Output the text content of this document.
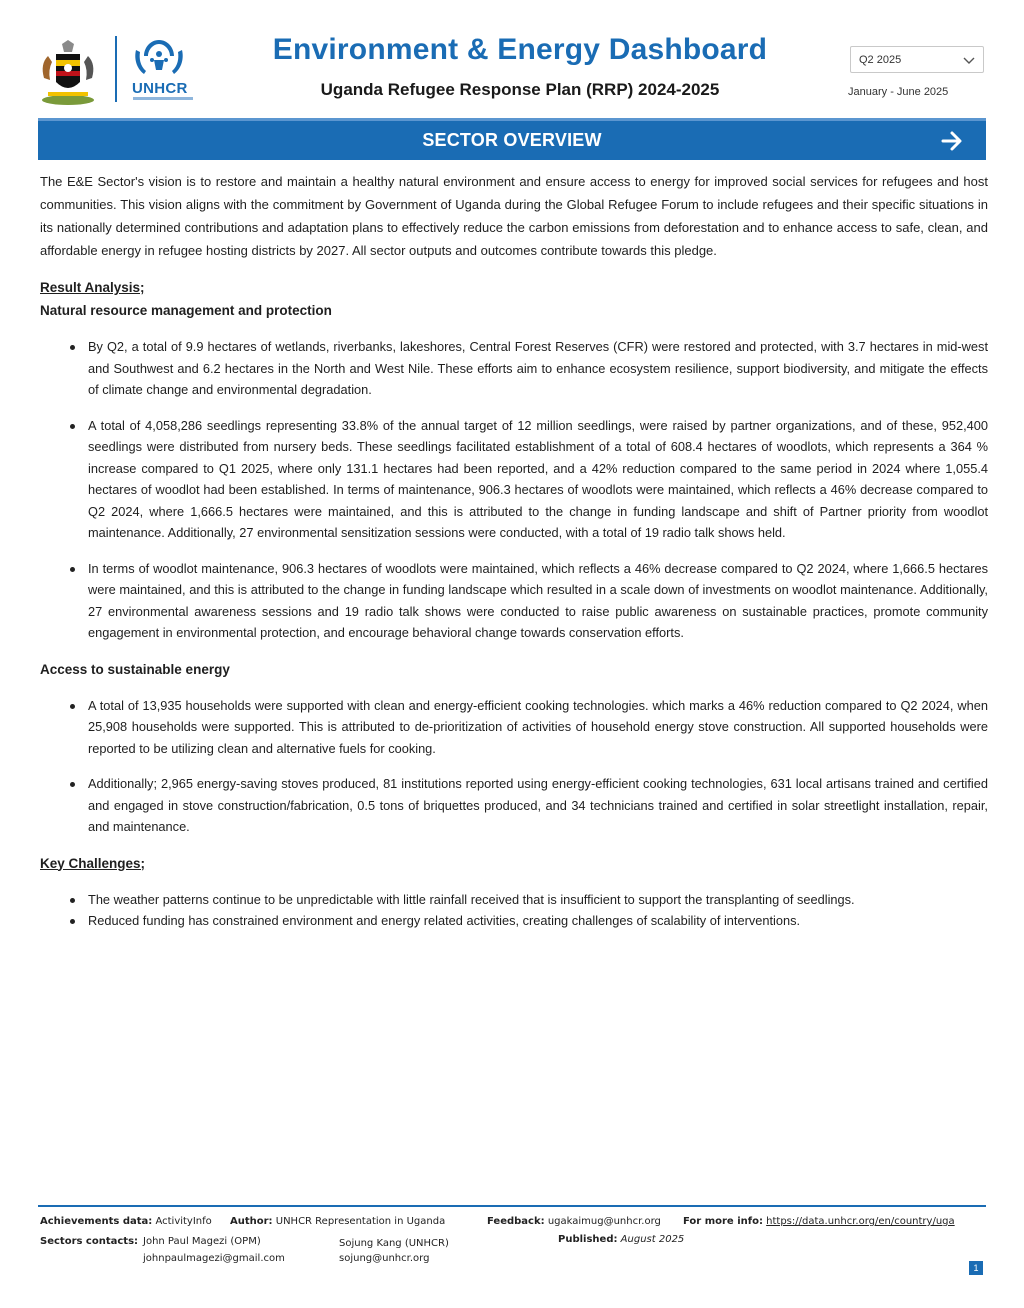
UNHCR
Environment & Energy Dashboard
Uganda Refugee Response Plan (RRP) 2024-2025
Q2 2025
January - June 2025
SECTOR OVERVIEW

The E&E Sector's vision is to restore and maintain a healthy natural environment and ensure access to energy for improved social services for refugees and host communities. This vision aligns with the commitment by Government of Uganda during the Global Refugee Forum to include refugees and their specific situations in its nationally determined contributions and adaptation plans to effectively reduce the carbon emissions from deforestation and to enhance access to safe, clean, and affordable energy in refugee hosting districts by 2027. All sector outputs and outcomes contribute towards this pledge.

Result Analysis;
Natural resource management and protection
By Q2, a total of 9.9 hectares of wetlands, riverbanks, lakeshores, Central Forest Reserves (CFR) were restored and protected, with 3.7 hectares in mid-west and Southwest and 6.2 hectares in the North and West Nile. These efforts aim to enhance ecosystem resilience, support biodiversity, and mitigate the effects of climate change and environmental degradation.
A total of 4,058,286 seedlings representing 33.8% of the annual target of 12 million seedlings, were raised by partner organizations, and of these, 952,400 seedlings were distributed from nursery beds. These seedlings facilitated establishment of a total of 608.4 hectares of woodlots, which represents a 364 % increase compared to Q1 2025, where only 131.1 hectares had been reported, and a 42% reduction compared to the same period in 2024 where 1,055.4 hectares of woodlot had been established. In terms of maintenance, 906.3 hectares of woodlots were maintained, which reflects a 46% decrease compared to Q2 2024, where 1,666.5 hectares were maintained, and this is attributed to the change in funding landscape and shift of Partner priority from woodlot maintenance. Additionally, 27 environmental sensitization sessions were conducted, with a total of 19 radio talk shows held.
In terms of woodlot maintenance, 906.3 hectares of woodlots were maintained, which reflects a 46% decrease compared to Q2 2024, where 1,666.5 hectares were maintained, and this is attributed to the change in funding landscape which resulted in a scale down of investments on woodlot maintenance. Additionally, 27 environmental awareness sessions and 19 radio talk shows were conducted to raise public awareness on sustainable practices, promote community engagement in environmental protection, and encourage behavioral change towards conservation efforts.
Access to sustainable energy
A total of 13,935 households were supported with clean and energy-efficient cooking technologies. which marks a 46% reduction compared to Q2 2024, when 25,908 households were supported. This is attributed to de-prioritization of activities of household energy stove construction. All supported households were reported to be utilizing clean and alternative fuels for cooking.
Additionally; 2,965 energy-saving stoves produced, 81 institutions reported using energy-efficient cooking technologies, 631 local artisans trained and certified and engaged in stove construction/fabrication, 0.5 tons of briquettes produced, and 34 technicians trained and certified in solar streetlight installation, repair, and maintenance.
Key Challenges;
The weather patterns continue to be unpredictable with little rainfall received that is insufficient to support the transplanting of seedlings.
Reduced funding has constrained environment and energy related activities, creating challenges of scalability of interventions.
Achievements data: ActivityInfo Author: UNHCR Representation in Uganda	Feedback: ugakaimug@unhcr.org For more info: https://data.unhcr.org/en/country/uga
Sectors contacts: John Paul Magezi (OPM)
johnpaulmagezi@gmail.com
Sojung Kang (UNHCR)
sojung@unhcr.org
Published: August 2025
1
